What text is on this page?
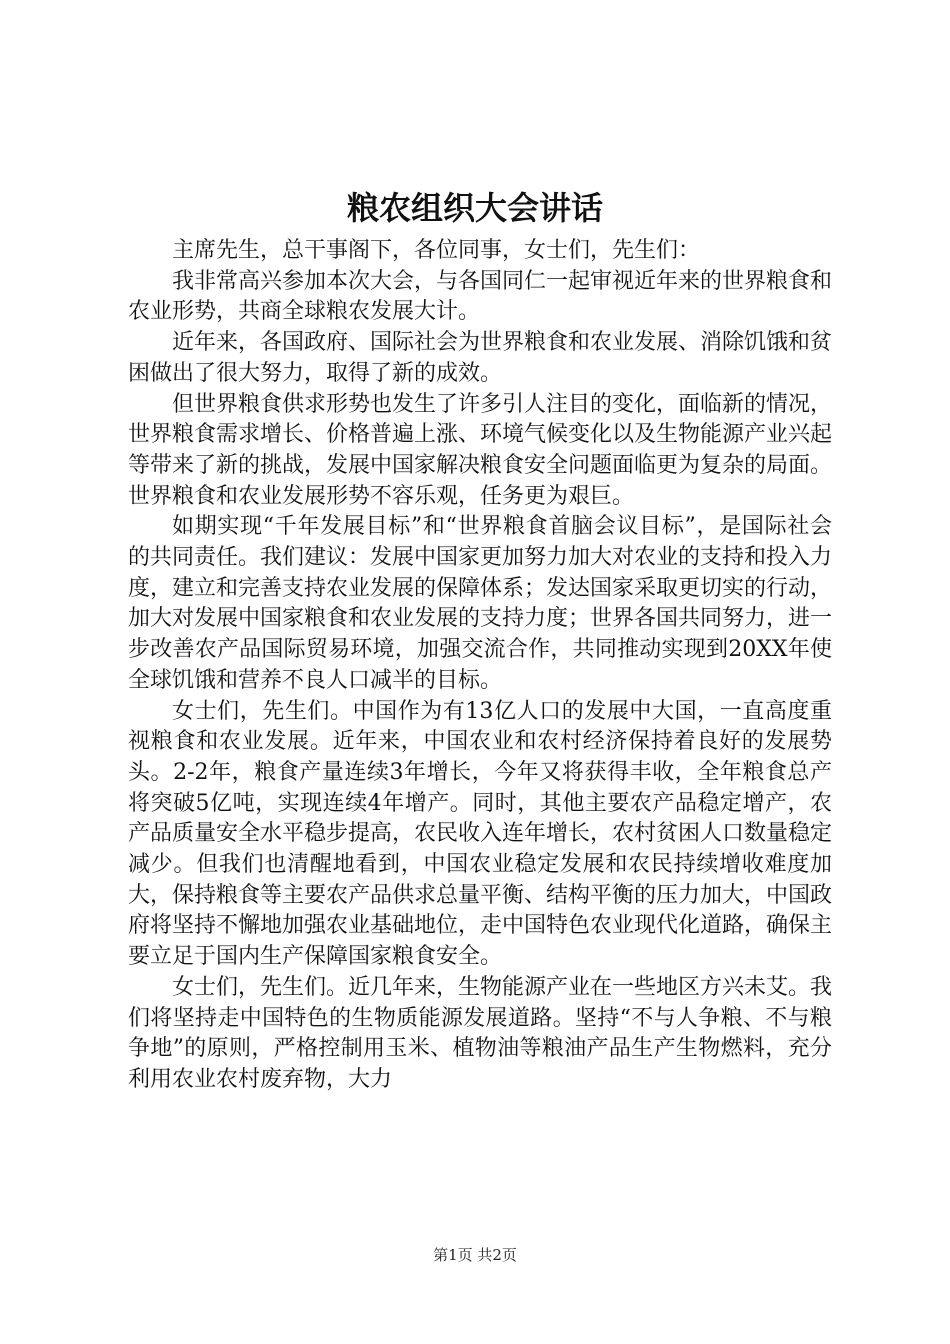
粮农组织大会讲话

主席先生，总干事阁下，各位同事，女士们，先生们：

我非常高兴参加本次大会，与各国同仁一起审视近年来的世界粮食和农业形势，共商全球粮农发展大计。

近年来，各国政府、国际社会为世界粮食和农业发展、消除饥饿和贫困做出了很大努力，取得了新的成效。

但世界粮食供求形势也发生了许多引人注目的变化，面临新的情况，世界粮食需求增长、价格普遍上涨、环境气候变化以及生物能源产业兴起等带来了新的挑战，发展中国家解决粮食安全问题面临更为复杂的局面。世界粮食和农业发展形势不容乐观，任务更为艰巨。

如期实现“千年发展目标”和“世界粮食首脑会议目标”，是国际社会的共同责任。我们建议：发展中国家更加努力加大对农业的支持和投入力度，建立和完善支持农业发展的保障体系；发达国家采取更切实的行动，加大对发展中国家粮食和农业发展的支持力度；世界各国共同努力，进一步改善农产品国际贸易环境，加强交流合作，共同推动实现到20XX年使全球饥饿和营养不良人口减半的目标。

女士们，先生们。中国作为有13亿人口的发展中大国，一直高度重视粮食和农业发展。近年来，中国农业和农村经济保持着良好的发展势头。2-2年，粮食产量连续3年增长，今年又将获得丰收，全年粮食总产将突破5亿吨，实现连续4年增产。同时，其他主要农产品稳定增产，农产品质量安全水平稳步提高，农民收入连年增长，农村贫困人口数量稳定减少。但我们也清醒地看到，中国农业稳定发展和农民持续增收难度加大，保持粮食等主要农产品供求总量平衡、结构平衡的压力加大，中国政府将坚持不懈地加强农业基础地位，走中国特色农业现代化道路，确保主要立足于国内生产保障国家粮食安全。

女士们，先生们。近几年来，生物能源产业在一些地区方兴未艾。我们将坚持走中国特色的生物质能源发展道路。坚持“不与人争粮、不与粮争地”的原则，严格控制用玉米、植物油等粮油产品生产生物燃料，充分利用农业农村废弃物，大力

第1页 共2页
